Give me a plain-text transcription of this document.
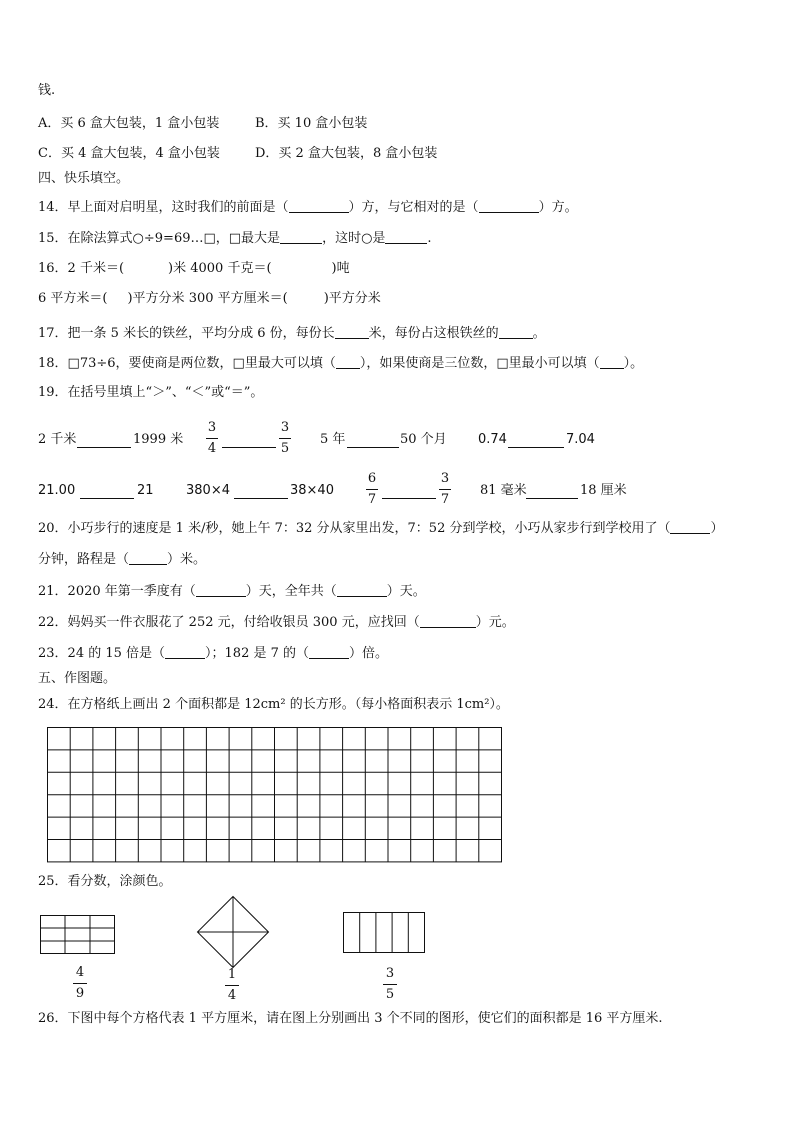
钱.
A．买 6 盒大包装，1 盒小包装	B．买 10 盒小包装
C．买 4 盒大包装，4 盒小包装	D．买 2 盒大包装，8 盒小包装
四、快乐填空。
14．早上面对启明星，这时我们的前面是（	）方，与它相对的是（	）方。
15．在除法算式○÷9=69…□，□最大是	，这时○是	.
16．2 千米＝(	)米 4000 千克＝(	)吨
6 平方米＝( )平方分米 300 平方厘米＝(	)平方分米
17．把一条 5 米长的铁丝，平均分成 6 份，每份长	米，每份占这根铁丝的	。
18．□73÷6，要使商是两位数，□里最大可以填（ ），如果使商是三位数，□里最小可以填（ ）。
19．在括号里填上“＞”、“＜”或“＝”。
2 千米	1999 米
3
4
3
5
5 年	50 个月 0.74	7.04
21.00	21 380×4	38×40
6
7
3
7
81 毫米	18 厘米
20．小巧步行的速度是 1 米/秒，她上午 7：32 分从家里出发，7：52 分到学校，小巧从家步行到学校用了（	）
分钟，路程是（	）米。
21．2020 年第一季度有（	）天，全年共（	）天。
22．妈妈买一件衣服花了 252 元，付给收银员 300 元，应找回（	）元。
23．24 的 15 倍是（	）；182 是 7 的（	）倍。
五、作图题。
24．在方格纸上画出 2 个面积都是 12cm² 的长方形。（每小格面积表示 1cm²）。
25．看分数，涂颜色。
4
9
1
4
3
5
26．下图中每个方格代表 1 平方厘米，请在图上分别画出 3 个不同的图形，使它们的面积都是 16 平方厘米.
